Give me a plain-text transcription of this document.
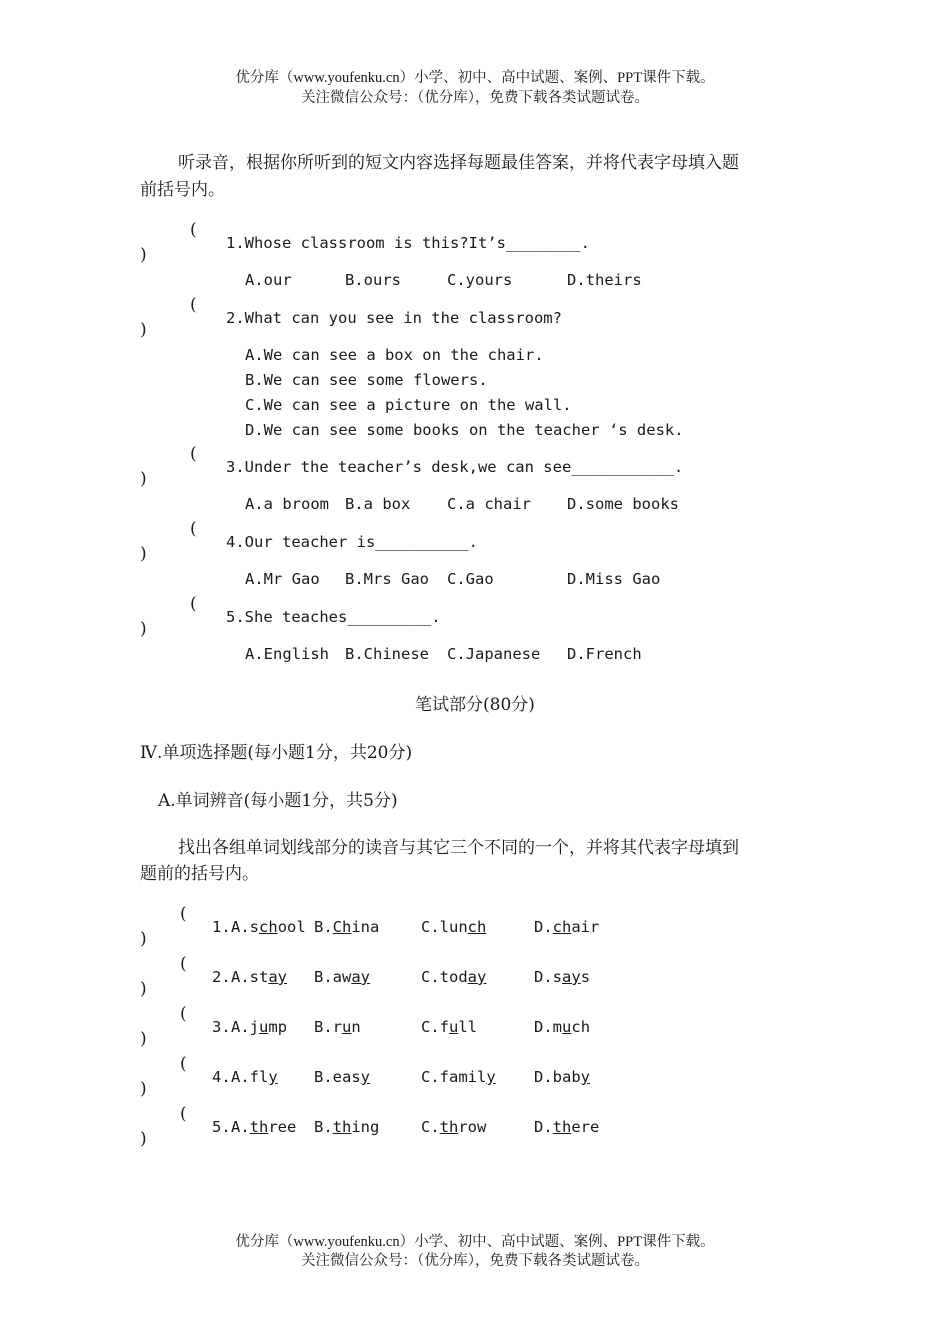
优分库（www.youfenku.cn）小学、初中、高中试题、案例、PPT课件下载。
关注微信公众号：（优分库），免费下载各类试题试卷。
听录音，根据你所听到的短文内容选择每题最佳答案，并将代表字母填入题
前括号内。
(
)
1.Whose classroom is this?It’s________.
A.our	B.ours	C.yours	D.theirs
(
)
2.What can you see in the classroom?
A.We can see a box on the chair.
B.We can see some flowers.
C.We can see a picture on the wall.
D.We can see some books on the teacher ‘s desk.
(
)
3.Under the teacher’s desk,we can see___________.
A.a broom B.a box C.a chair D.some books
(
)
4.Our teacher is__________.
A.Mr Gao B.Mrs Gao C.Gao	D.Miss Gao
(
)
5.She teaches_________.
A.English B.Chinese C.Japanese D.French
笔试部分(80分)
Ⅳ.单项选择题(每小题1分，共20分)
A.单词辨音(每小题1分，共5分)
找出各组单词划线部分的读音与其它三个不同的一个，并将其代表字母填到
题前的括号内。
(
)
1. A.school B.China	C.lunch	D.chair
(
)
2. A.stay B.away	C.today	D.says
(
)
3. A.jump B.run	C.full	D.much
(
)
4. A.fly B.easy	C.family D.baby
(
)
5. A.three B.thing	C.throw	D.there
优分库（www.youfenku.cn）小学、初中、高中试题、案例、PPT课件下载。
关注微信公众号：（优分库），免费下载各类试题试卷。
